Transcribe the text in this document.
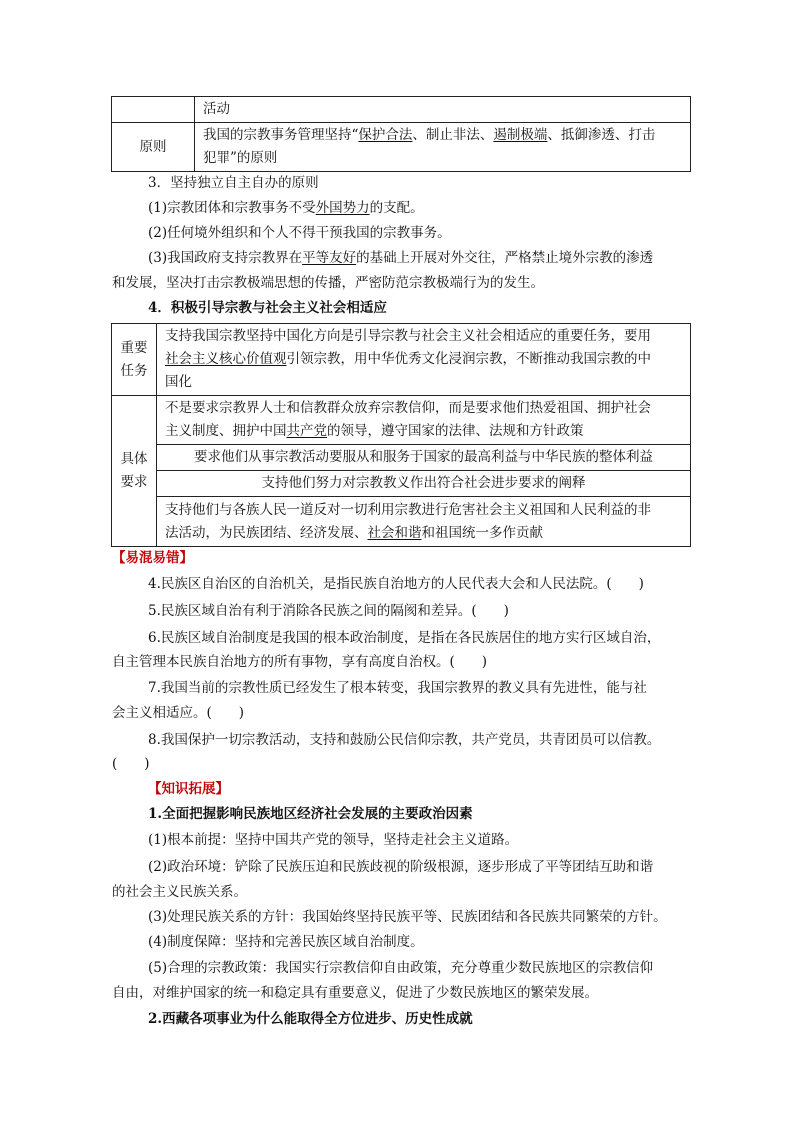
	活动
原则	我国的宗教事务管理坚持“保护合法、制止非法、遏制极端、抵御渗透、打击
犯罪”的原则
3．坚持独立自主自办的原则
(1)宗教团体和宗教事务不受外国势力的支配。
(2)任何境外组织和个人不得干预我国的宗教事务。
(3)我国政府支持宗教界在平等友好的基础上开展对外交往，严格禁止境外宗教的渗透
和发展，坚决打击宗教极端思想的传播，严密防范宗教极端行为的发生。
4．积极引导宗教与社会主义社会相适应
重要任务	支持我国宗教坚持中国化方向是引导宗教与社会主义社会相适应的重要任务，要用
社会主义核心价值观引领宗教，用中华优秀文化浸润宗教，不断推动我国宗教的中
国化
具体要求	不是要求宗教界人士和信教群众放弃宗教信仰，而是要求他们热爱祖国、拥护社会
主义制度、拥护中国共产党的领导，遵守国家的法律、法规和方针政策
	要求他们从事宗教活动要服从和服务于国家的最高利益与中华民族的整体利益
	支持他们努力对宗教教义作出符合社会进步要求的阐释
	支持他们与各族人民一道反对一切利用宗教进行危害社会主义祖国和人民利益的非
法活动，为民族团结、经济发展、社会和谐和祖国统一多作贡献
【易混易错】
4.民族区自治区的自治机关，是指民族自治地方的人民代表大会和人民法院。(　　)
5.民族区域自治有利于消除各民族之间的隔阂和差异。(　　)
6.民族区域自治制度是我国的根本政治制度，是指在各民族居住的地方实行区域自治，
自主管理本民族自治地方的所有事物，享有高度自治权。(　　)
7.我国当前的宗教性质已经发生了根本转变，我国宗教界的教义具有先进性，能与社
会主义相适应。(　　)
8.我国保护一切宗教活动，支持和鼓励公民信仰宗教，共产党员，共青团员可以信教。
(　　)
【知识拓展】
1.全面把握影响民族地区经济社会发展的主要政治因素
(1)根本前提：坚持中国共产党的领导，坚持走社会主义道路。
(2)政治环境：铲除了民族压迫和民族歧视的阶级根源，逐步形成了平等团结互助和谐
的社会主义民族关系。
(3)处理民族关系的方针：我国始终坚持民族平等、民族团结和各民族共同繁荣的方针。
(4)制度保障：坚持和完善民族区域自治制度。
(5)合理的宗教政策：我国实行宗教信仰自由政策，充分尊重少数民族地区的宗教信仰
自由，对维护国家的统一和稳定具有重要意义，促进了少数民族地区的繁荣发展。
2.西藏各项事业为什么能取得全方位进步、历史性成就
